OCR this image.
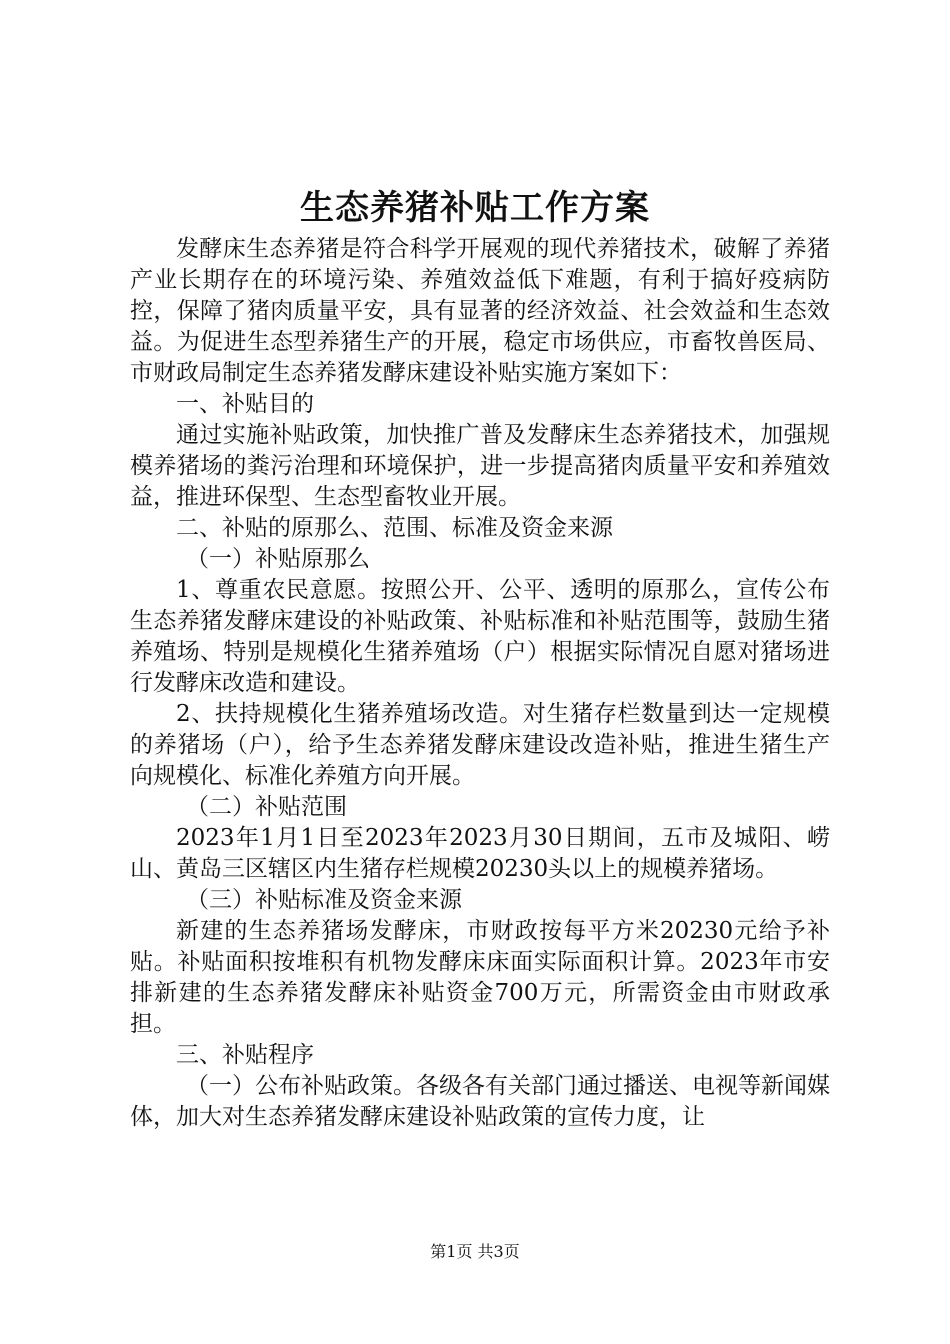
生态养猪补贴工作方案

发酵床生态养猪是符合科学开展观的现代养猪技术，破解了养猪产业长期存在的环境污染、养殖效益低下难题，有利于搞好疫病防控，保障了猪肉质量平安，具有显著的经济效益、社会效益和生态效益。为促进生态型养猪生产的开展，稳定市场供应，市畜牧兽医局、市财政局制定生态养猪发酵床建设补贴实施方案如下：

一、补贴目的

通过实施补贴政策，加快推广普及发酵床生态养猪技术，加强规模养猪场的粪污治理和环境保护，进一步提高猪肉质量平安和养殖效益，推进环保型、生态型畜牧业开展。

二、补贴的原那么、范围、标准及资金来源

（一）补贴原那么

1、尊重农民意愿。按照公开、公平、透明的原那么，宣传公布生态养猪发酵床建设的补贴政策、补贴标准和补贴范围等，鼓励生猪养殖场、特别是规模化生猪养殖场（户）根据实际情况自愿对猪场进行发酵床改造和建设。

2、扶持规模化生猪养殖场改造。对生猪存栏数量到达一定规模的养猪场（户），给予生态养猪发酵床建设改造补贴，推进生猪生产向规模化、标准化养殖方向开展。

（二）补贴范围

2023年1月1日至2023年2023月30日期间，五市及城阳、崂山、黄岛三区辖区内生猪存栏规模20230头以上的规模养猪场。

（三）补贴标准及资金来源

新建的生态养猪场发酵床，市财政按每平方米20230元给予补贴。补贴面积按堆积有机物发酵床床面实际面积计算。2023年市安排新建的生态养猪发酵床补贴资金700万元，所需资金由市财政承担。

三、补贴程序

（一）公布补贴政策。各级各有关部门通过播送、电视等新闻媒体，加大对生态养猪发酵床建设补贴政策的宣传力度，让

第1页 共3页
